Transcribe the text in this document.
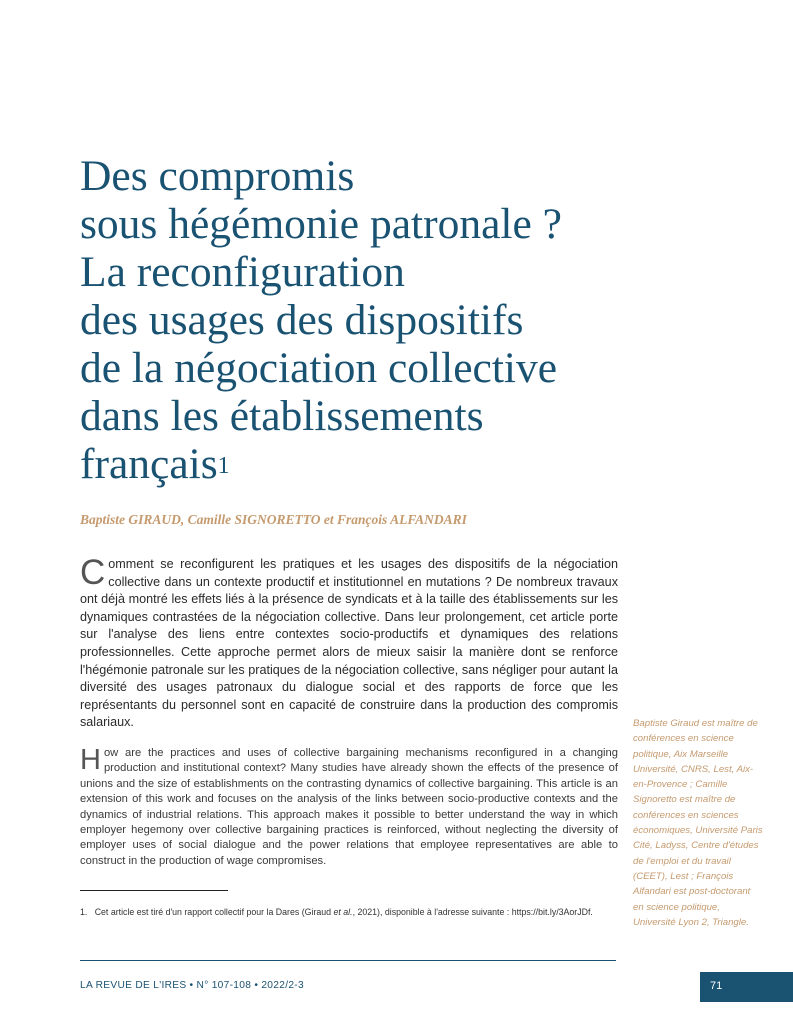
Des compromis
sous hégémonie patronale ?
La reconfiguration
des usages des dispositifs
de la négociation collective
dans les établissements
français$^1$

Baptiste GIRAUD, Camille SIGNORETTO et François ALFANDARI

Comment se reconfigurent les pratiques et les usages des dispositifs de la négociation collective dans un contexte productif et institutionnel en mutations ? De nombreux travaux ont déjà montré les effets liés à la présence de syndicats et à la taille des établissements sur les dynamiques contrastées de la négociation collective. Dans leur prolongement, cet article porte sur l'analyse des liens entre contextes socio-productifs et dynamiques des relations professionnelles. Cette approche permet alors de mieux saisir la manière dont se renforce l'hégémonie patronale sur les pratiques de la négociation collective, sans négliger pour autant la diversité des usages patronaux du dialogue social et des rapports de force que les représentants du personnel sont en capacité de construire dans la production des compromis salariaux.

How are the practices and uses of collective bargaining mechanisms reconfigured in a changing production and institutional context? Many studies have already shown the effects of the presence of unions and the size of establishments on the contrasting dynamics of collective bargaining. This article is an extension of this work and focuses on the analysis of the links between socio-productive contexts and the dynamics of industrial relations. This approach makes it possible to better understand the way in which employer hegemony over collective bargaining practices is reinforced, without neglecting the diversity of employer uses of social dialogue and the power relations that employee representatives are able to construct in the production of wage compromises.

Baptiste Giraud est maître de conférences en science politique, Aix Marseille Université, CNRS, Lest, Aix-en-Provence ; Camille Signoretto est maître de conférences en sciences économiques, Université Paris Cité, Ladyss, Centre d'études de l'emploi et du travail (CEET), Lest ; François Alfandari est post-doctorant en science politique, Université Lyon 2, Triangle.

1. Cet article est tiré d'un rapport collectif pour la Dares (Giraud et al., 2021), disponible à l'adresse suivante : https://bit.ly/3AorJDf.

LA REVUE DE L'IRES • N° 107-108 • 2022/2-3	71
